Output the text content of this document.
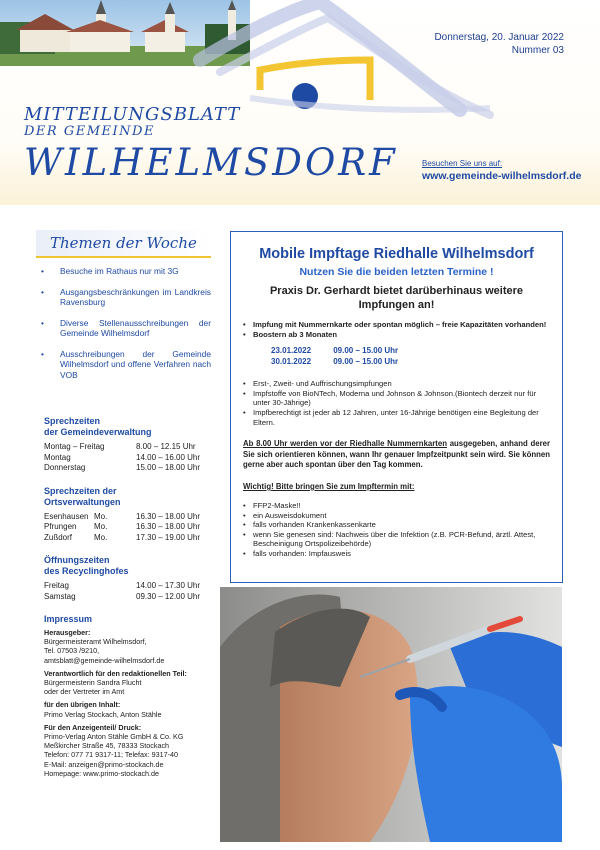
Donnerstag, 20. Januar 2022
Nummer 03
MITTEILUNGSBLATT
DER GEMEINDE
WILHELMSDORF	Besuchen Sie uns auf:
www.gemeinde-wilhelmsdorf.de
Themen der Woche
• Besuche im Rathaus nur mit 3G
• Ausgangsbeschränkungen im Landkreis Ravensburg
• Diverse Stellenausschreibungen der Gemeinde Wilhelmsdorf
• Ausschreibungen der Gemeinde Wilhelmsdorf und offene Verfahren nach VOB
Sprechzeiten
der Gemeindeverwaltung
Montag – Freitag	8.00 – 12.15 Uhr
Montag	14.00 – 16.00 Uhr
Donnerstag	15.00 – 18.00 Uhr
Sprechzeiten der
Ortsverwaltungen
Esenhausen Mo.	16.30 – 18.00 Uhr
Pfrungen	Mo.	16.30 – 18.00 Uhr
Zußdorf	Mo.	17.30 – 19.00 Uhr
Öffnungszeiten
des Recyclinghofes
Freitag	14.00 – 17.30 Uhr
Samstag	09.30 – 12.00 Uhr
Impressum
Herausgeber:
Bürgermeisteramt Wilhelmsdorf,
Tel. 07503 /9210,
amtsblatt@gemeinde-wilhelmsdorf.de
Verantwortlich für den redaktionellen Teil:
Bürgermeisterin Sandra Flucht
oder der Vertreter im Amt
für den übrigen Inhalt:
Primo Verlag Stockach, Anton Stähle
Für den Anzeigenteil/ Druck:
Primo-Verlag Anton Stähle GmbH & Co. KG
Meßkircher Straße 45, 78333 Stockach
Telefon: 077 71 9317-11; Telefax: 9317-40
E-Mail: anzeigen@primo-stockach.de
Homepage: www.primo-stockach.de
Mobile Impftage Riedhalle Wilhelmsdorf
Nutzen Sie die beiden letzten Termine !
Praxis Dr. Gerhardt bietet darüberhinaus weitere Impfungen an!
• Impfung mit Nummernkarte oder spontan möglich – freie Kapazitäten vorhanden!
• Boostern ab 3 Monaten
23.01.2022	09.00 – 15.00 Uhr
30.01.2022	09.00 – 15.00 Uhr
• Erst-, Zweit- und Auffrischungsimpfungen
• Impfstoffe von BioNTech, Moderna und Johnson & Johnson.(Biontech derzeit nur für unter 30-Jährige)
• Impfberechtigt ist jeder ab 12 Jahren, unter 16-Jährige benötigen eine Begleitung der Eltern.

Ab 8.00 Uhr werden vor der Riedhalle Nummernkarten ausgegeben, anhand derer Sie sich orientieren können, wann Ihr genauer Impfzeitpunkt sein wird. Sie können gerne aber auch spontan über den Tag kommen.

Wichtig! Bitte bringen Sie zum Impftermin mit:

• FFP2-Maske!!
• ein Ausweisdokument
• falls vorhanden Krankenkassenkarte
• wenn Sie genesen sind: Nachweis über die Infektion (z.B. PCR-Befund, ärztl. Attest, Bescheinigung Ortspolizeibehörde)
• falls vorhanden: Impfausweis
